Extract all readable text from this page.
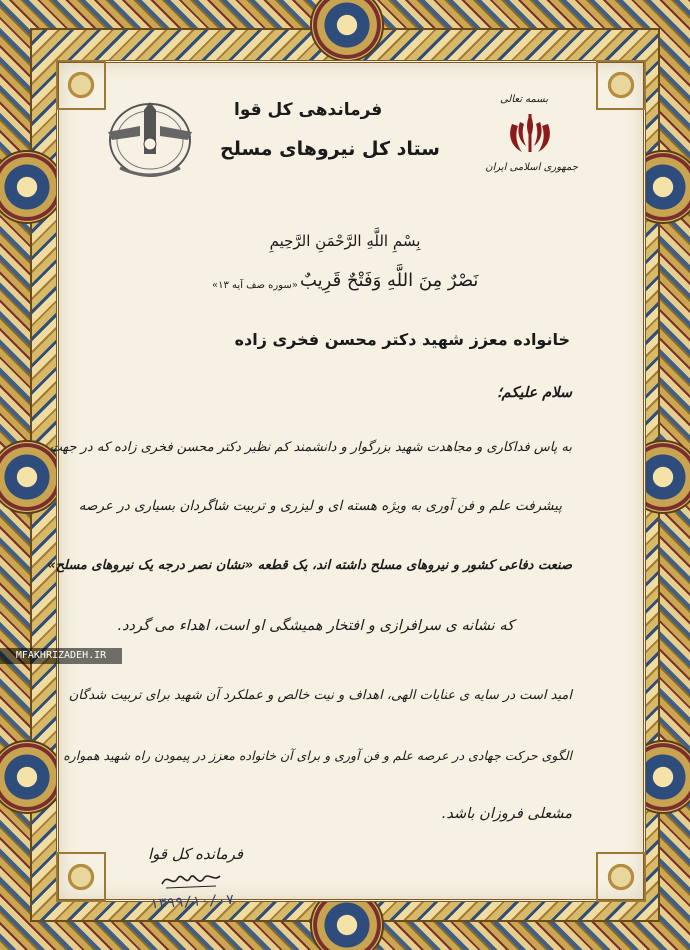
بسمه تعالی
جمهوری اسلامی ایران
فرماندهی کل قوا
ستاد کل نیروهای مسلح
بِسْمِ اللَّهِ الرَّحْمَنِ الرَّحِيمِ
نَصْرٌ مِنَ اللَّهِ وَفَتْحٌ قَرِيبٌ
«سوره صف آیه ۱۳»
خانواده معزز شهید دکتر محسن فخری زاده
سلام علیکم؛
به پاس فداکاری و مجاهدت شهید بزرگوار و دانشمند کم نظیر دکتر محسن فخری زاده که در جهت
پیشرفت علم و فن آوری به ویژه هسته ای و لیزری و تربیت شاگردان بسیاری در عرصه
صنعت دفاعی کشور و نیروهای مسلح داشته اند، یک قطعه «نشان نصر درجه یک نیروهای مسلح»
که نشانه ی سرافرازی و افتخار همیشگی او است، اهداء می گردد.
امید است در سایه ی عنایات الهی، اهداف و نیت خالص و عملکرد آن شهید برای تربیت شدگان
الگوی حرکت جهادی در عرصه علم و فن آوری و برای آن خانواده معزز در پیمودن راه شهید همواره
مشعلی فروزان باشد.
فرمانده کل قوا
۱۳۹۹/۱۰/۰۷
MFAKHRIZADEH.IR
